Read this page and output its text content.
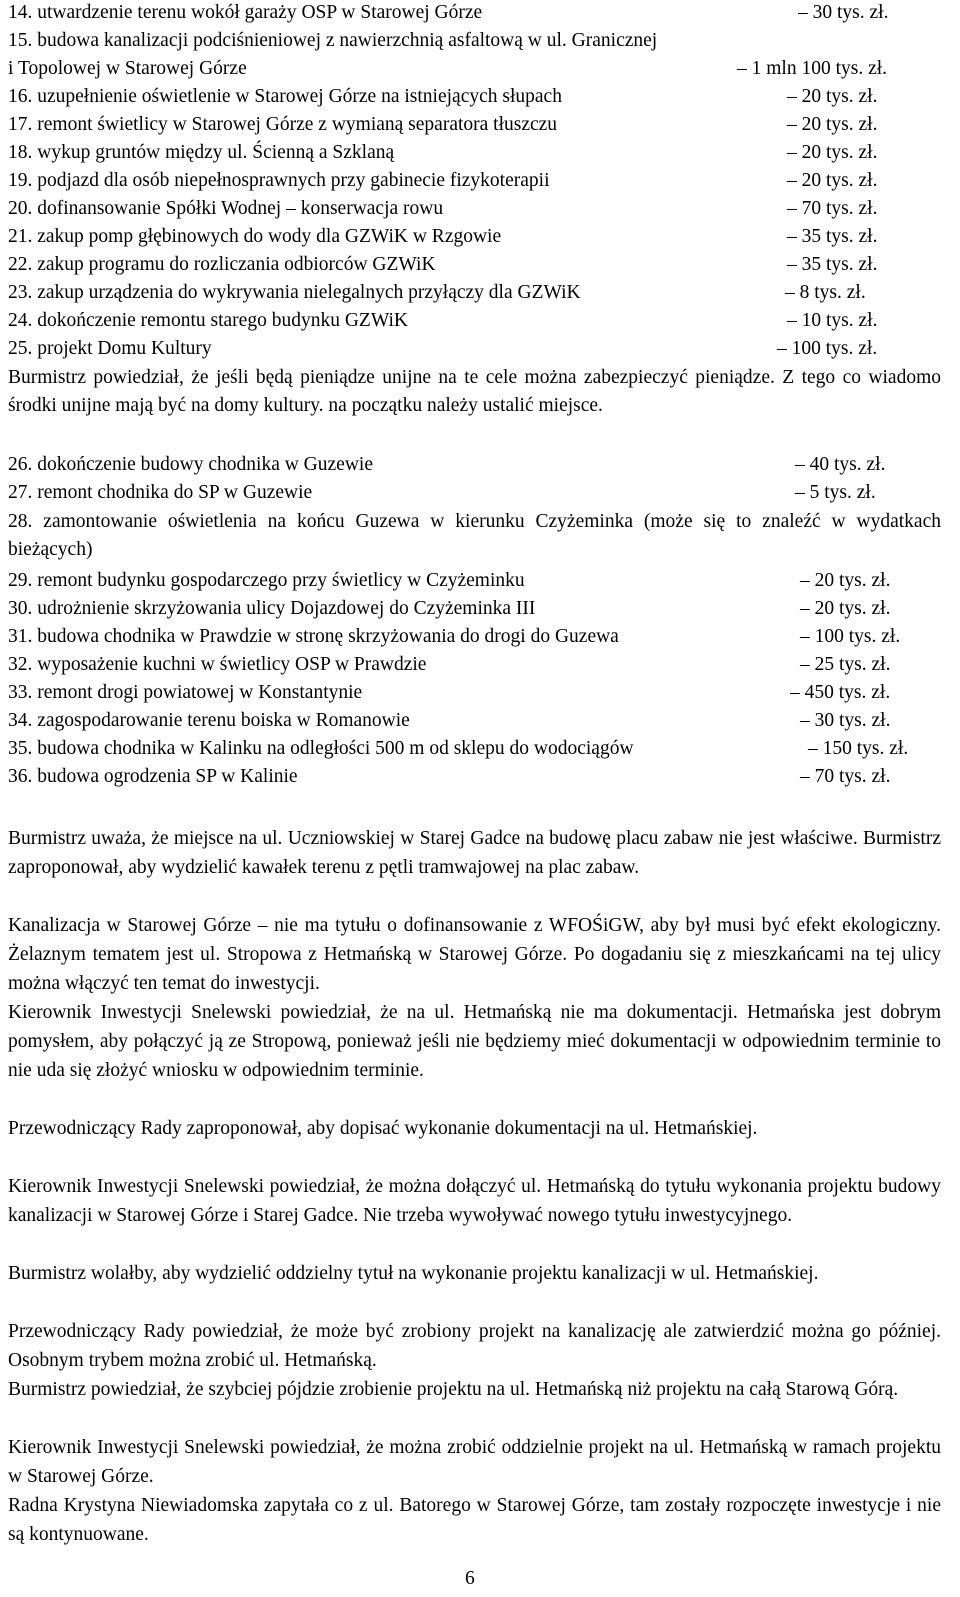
14. utwardzenie terenu wokół garaży OSP w Starowej Górze	– 30 tys. zł.
15. budowa kanalizacji podciśnieniowej z nawierzchnią asfaltową w ul. Granicznej
i Topolowej w Starowej Górze	– 1 mln 100 tys. zł.
16. uzupełnienie oświetlenie w Starowej Górze na istniejących słupach	– 20 tys. zł.
17. remont świetlicy w Starowej Górze z wymianą separatora tłuszczu	– 20 tys. zł.
18. wykup gruntów między ul. Ścienną a Szklaną	– 20 tys. zł.
19. podjazd dla osób niepełnosprawnych przy gabinecie fizykoterapii	– 20 tys. zł.
20. dofinansowanie Spółki Wodnej – konserwacja rowu	– 70 tys. zł.
21. zakup pomp głębinowych do wody dla GZWiK w Rzgowie	– 35 tys. zł.
22. zakup programu do rozliczania odbiorców GZWiK	– 35 tys. zł.
23. zakup urządzenia do wykrywania nielegalnych przyłączy dla GZWiK	– 8 tys. zł.
24. dokończenie remontu starego budynku GZWiK	– 10 tys. zł.
25. projekt Domu Kultury	– 100 tys. zł.
Burmistrz powiedział, że jeśli będą pieniądze unijne na te cele można zabezpieczyć pieniądze. Z tego co wiadomo środki unijne mają być na domy kultury. na początku należy ustalić miejsce.
26. dokończenie budowy chodnika w Guzewie	– 40 tys. zł.
27. remont chodnika do SP w Guzewie	– 5 tys. zł.
28. zamontowanie oświetlenia na końcu Guzewa w kierunku Czyżeminka (może się to znaleźć w wydatkach bieżących)
29. remont budynku gospodarczego przy świetlicy w Czyżeminku	– 20 tys. zł.
30. udrożnienie skrzyżowania ulicy Dojazdowej do Czyżeminka III	– 20 tys. zł.
31. budowa chodnika w Prawdzie w stronę skrzyżowania do drogi do Guzewa	– 100 tys. zł.
32. wyposażenie kuchni w świetlicy OSP w Prawdzie	– 25 tys. zł.
33. remont drogi powiatowej w Konstantynie	– 450 tys. zł.
34. zagospodarowanie terenu boiska w Romanowie	– 30 tys. zł.
35. budowa chodnika w Kalinku na odległości 500 m od sklepu do wodociągów	– 150 tys. zł.
36. budowa ogrodzenia SP w Kalinie	– 70 tys. zł.
Burmistrz uważa, że miejsce na ul. Uczniowskiej w Starej Gadce na budowę placu zabaw nie jest właściwe. Burmistrz zaproponował, aby wydzielić kawałek terenu z pętli tramwajowej na plac zabaw.
Kanalizacja w Starowej Górze – nie ma tytułu o dofinansowanie z WFOŚiGW, aby był musi być efekt ekologiczny. Żelaznym tematem jest ul. Stropowa z Hetmańską w Starowej Górze. Po dogadaniu się z mieszkańcami na tej ulicy można włączyć ten temat do inwestycji.
Kierownik Inwestycji Snelewski powiedział, że na ul. Hetmańską nie ma dokumentacji. Hetmańska jest dobrym pomysłem, aby połączyć ją ze Stropową, ponieważ jeśli nie będziemy mieć dokumentacji w odpowiednim terminie to nie uda się złożyć wniosku w odpowiednim terminie.
Przewodniczący Rady zaproponował, aby dopisać wykonanie dokumentacji na ul. Hetmańskiej.
Kierownik Inwestycji Snelewski powiedział, że można dołączyć ul. Hetmańską do tytułu wykonania projektu budowy kanalizacji w Starowej Górze i Starej Gadce. Nie trzeba wywoływać nowego tytułu inwestycyjnego.
Burmistrz wolałby, aby wydzielić oddzielny tytuł na wykonanie projektu kanalizacji w ul. Hetmańskiej.
Przewodniczący Rady powiedział, że może być zrobiony projekt na kanalizację ale zatwierdzić można go później. Osobnym trybem można zrobić ul. Hetmańską.
Burmistrz powiedział, że szybciej pójdzie zrobienie projektu na ul. Hetmańską niż projektu na całą Starową Górą.
Kierownik Inwestycji Snelewski powiedział, że można zrobić oddzielnie projekt na ul. Hetmańską w ramach projektu w Starowej Górze.
Radna Krystyna Niewiadomska zapytała co z ul. Batorego w Starowej Górze, tam zostały rozpoczęte inwestycje i nie są kontynuowane.
6
